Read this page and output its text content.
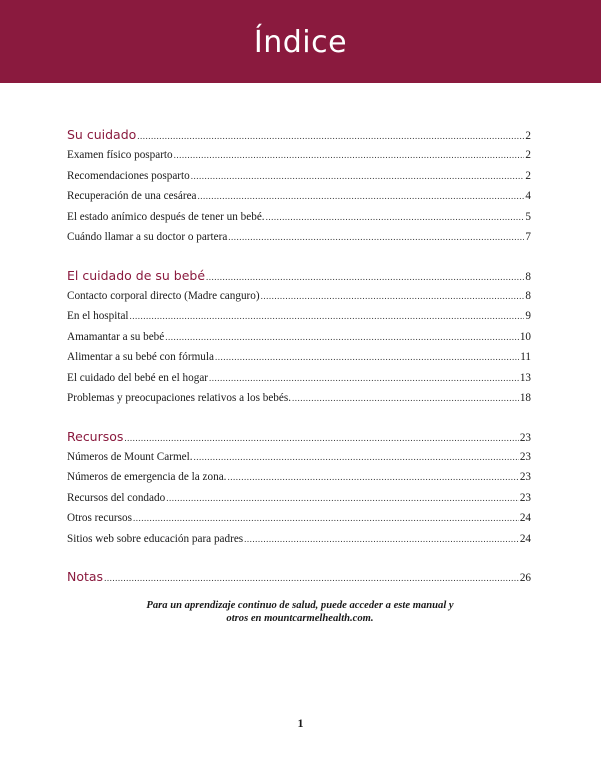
Índice
Su cuidado .....	2
Examen físico posparto .....	2
Recomendaciones posparto .....	2
Recuperación de una cesárea .....	4
El estado anímico después de tener un bebé. .....	5
Cuándo llamar a su doctor o partera .....	7
El cuidado de su bebé .....	8
Contacto corporal directo (Madre canguro) .....	8
En el hospital .....	9
Amamantar a su bebé .....	10
Alimentar a su bebé con fórmula .....	11
El cuidado del bebé en el hogar .....	13
Problemas y preocupaciones relativos a los bebés. .....	18
Recursos .....	23
Números de Mount Carmel. .....	23
Números de emergencia de la zona. .....	23
Recursos del condado .....	23
Otros recursos .....	24
Sitios web sobre educación para padres .....	24
Notas .....	26
Para un aprendizaje continuo de salud, puede acceder a este manual y
otros en mountcarmelhealth.com.
1
